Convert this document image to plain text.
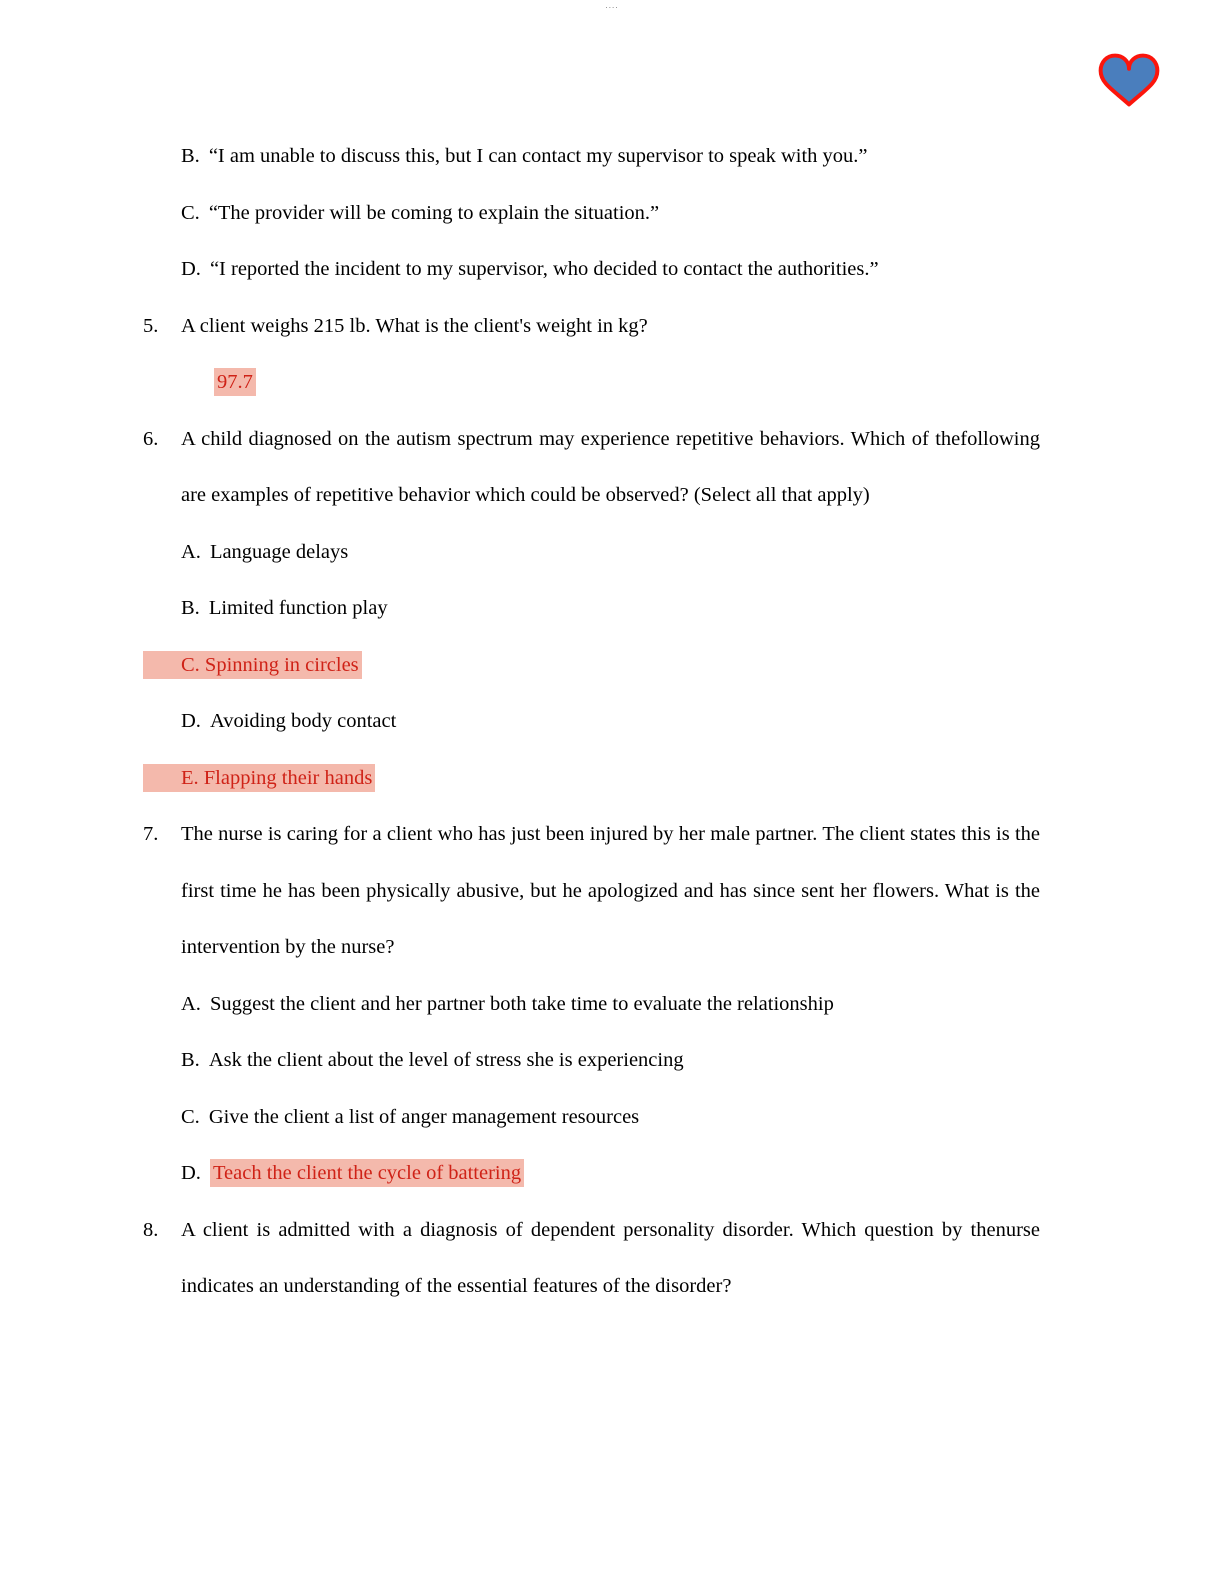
....
B. “I am unable to discuss this, but I can contact my supervisor to speak with you.”
C. “The provider will be coming to explain the situation.”
D. “I reported the incident to my supervisor, who decided to contact the authorities.”
5. A client weighs 215 lb. What is the client's weight in kg?
97.7
6. A child diagnosed on the autism spectrum may experience repetitive behaviors. Which of thefollowing are examples of repetitive behavior which could be observed? (Select all that apply)
A. Language delays
B. Limited function play
C. Spinning in circles
D. Avoiding body contact
E. Flapping their hands
7. The nurse is caring for a client who has just been injured by her male partner. The client states this is the first time he has been physically abusive, but he apologized and has since sent her flowers. What is the intervention by the nurse?
A. Suggest the client and her partner both take time to evaluate the relationship
B. Ask the client about the level of stress she is experiencing
C. Give the client a list of anger management resources
D. Teach the client the cycle of battering
8. A client is admitted with a diagnosis of dependent personality disorder. Which question by thenurse indicates an understanding of the essential features of the disorder?
